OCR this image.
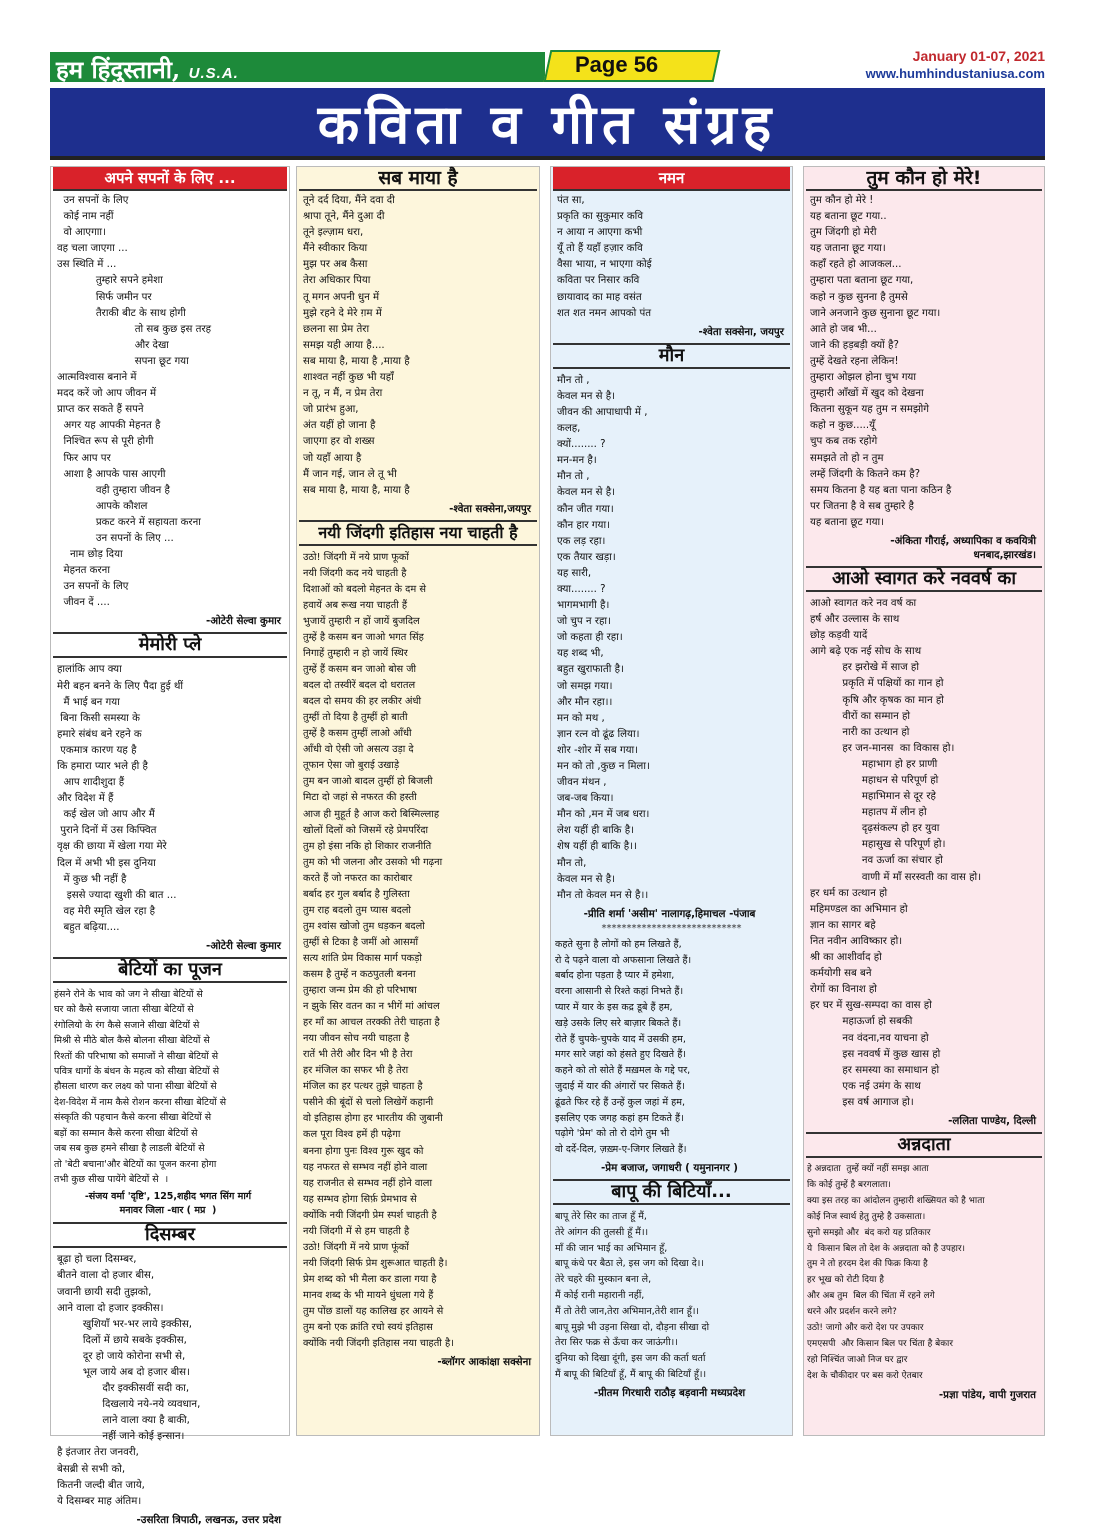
हम हिंदुस्तानी, U.S.A.	Page 56	January 01-07, 2021
www.humhindustaniusa.com
कविता व गीत संग्रह
अपने सपनों के लिए ...
उन सपनों के लिए
कोई नाम नहीं
वो आएगाा।
वह चला जाएगा ...
उस स्थिति में ...
तुम्हारे सपने हमेशा
सिर्फ जमीन पर
तैराकी बीट के साथ होगी
तो सब कुछ इस तरह
और देखा
सपना छूट गया
आत्मविश्वास बनाने में
मदद करें जो आप जीवन में
प्राप्त कर सकते हैं सपने
अगर यह आपकी मेहनत है
निश्चित रूप से पूरी होगी
फिर आप पर
आशा है आपके पास आएगी
वही तुम्हारा जीवन है
आपके कौशल
प्रकट करने में सहायता करना
उन सपनों के लिए ...
नाम छोड़ दिया
मेहनत करना
उन सपनों के लिए
जीवन दें ....
-ओटेरी सेल्वा कुमार
मेमोरी प्ले
हालांकि आप क्या
मेरी बहन बनने के लिए पैदा हुई थीं
मैं भाई बन गया
बिना किसी समस्या के
हमारे संबंध बने रहने क
एकमात्र कारण यह है
कि हमारा प्यार भले ही है
आप शादीशुदा हैं
और विदेश में हैं
कई खेल जो आप और मैं
पुराने दिनों में उस किफ्वित
वृक्ष की छाया में खेला गया मेरे
दिल में अभी भी इस दुनिया
में कुछ भी नहीं है
इससे ज्यादा खुशी की बात ...
वह मेरी स्मृति खेल रहा है
बहुत बढ़िया....
-ओटेरी सेल्वा कुमार
बेटियों का पूजन
हंसने रोने के भाव को जग ने सीखा बेटियों से
घर को कैसे सजाया जाता सीखा बेटियों से
रंगोलियो के रंग कैसे सजाने सीखा बेटियों से
मिश्री से मीठे बोल कैसे बोलना सीखा बेटियों से
रिश्तों की परिभाषा को समाजों ने सीखा बेटियों से
पवित्र धागों के बंधन के महत्व को सीखा बेटियों से
हौसला धारण कर लक्ष्य को पाना सीखा बेटियों से
देश-विदेश में नाम कैसे रोशन करना सीखा बेटियों से
संस्कृति की पहचान कैसे करना सीखा बेटियों से
बड़ों का सम्मान कैसे करना सीखा बेटियों से
जब सब कुछ हमने सीखा है लाडली बेटियों से
तो 'बेटी बचाना'और बेटियों का पूजन करना होगा
तभी कुछ सीख पायेंगे बेटियों से  ।
-संजय वर्मा 'दृष्टि', 125,शहीद भगत सिंग मार्ग
मनावर जिला -धार ( मप्र  )
दिसम्बर
बूढ़ा हो चला दिसम्बर,
बीतने वाला दो हजार बीस,
जवानी छायी सदी तुझको,
आने वाला दो हजार इक्कीस।
खुशियाँ भर-भर लाये इक्कीस,
दिलों में छाये सबके इक्कीस,
दूर हो जाये कोरोना सभी से,
भूल जाये अब दो हजार बीस।
दौर इक्कीसवीं सदी का,
दिखलाये नये-नये व्यवधान,
लाने वाला क्या है बाकी,
नहीं जाने कोई इन्सान।
है इंतजार तेरा जनवरी,
बेसब्री से सभी को,
कितनी जल्दी बीत जाये,
ये दिसम्बर माह अंतिम।
-उसरिता त्रिपाठी, लखनऊ, उत्तर प्रदेश
सब माया है
तूने दर्द दिया, मैंने दवा दी
श्रापा तूने, मैंने दुआ दी
तूने इल्ज़ाम धरा,
मैंने स्वीकार किया
मुझ पर अब कैसा
तेरा अधिकार पिया
तू मगन अपनी धुन में
मुझे रहने दे मेरे ग़म में
छलना सा प्रेम तेरा
समझ यही आया है....
सब माया है, माया है ,माया है
शाश्वत नहीं कुछ भी यहाँ
न तू, न मैं, न प्रेम तेरा
जो प्रारंभ हुआ,
अंत यहीं हो जाना है
जाएगा हर वो शख्स
जो यहाँ आया है
मैं जान गई, जान ले तू भी
सब माया है, माया है, माया है
-श्वेता सक्सेना,जयपुर
नयी जिंदगी इतिहास नया चाहती है
उठो! जिंदगी में नये प्राण फूकों
नयी जिंदगी कद नये चाहती है
दिशाओं को बदलो मेहनत के दम से
हवायें अब रूख नया चाहती हैं
भुजायें तुम्हारी न हों जायें बुजदिल
तुम्हें है कसम बन जाओ भगत सिंह
निगाहें तुम्हारी न हो जायें स्थिर
तुम्हें हैं कसम बन जाओ बोस जी
बदल दो तस्वीरें बदल दो धरातल
बदल दो समय की हर लकीर अंधी
तुम्हीं तो दिया है तुम्हीं हो बाती
तुम्हें है कसम तुम्हीं लाओ आँधी
आँधी वो ऐसी जो असत्य उड़ा दे
तूफान ऐसा जो बुराई उखाड़े
तुम बन जाओ बादल तुम्हीं हो बिजली
मिटा दो जहां से नफरत की हस्ती
आज ही मुहूर्त है आज करो बिस्मिल्लाह
खोलों दिलों को जिसमें रहे प्रेमपरिंदा
तुम हो इंसा नकि हो शिकार राजनीति
तुम को भी जलना और उसको भी गढ़ना
करते हैं जो नफरत का कारोबार
बर्बाद हर गुल बर्बाद है गुलिस्ता
तुम राह बदलो तुम प्यास बदलो
तुम श्वांस खोजो तुम धड़कन बदलो
तुम्हीं से टिका है जमीं ओ आसमाँ
सत्य शांति प्रेम विकास मार्ग पकड़ो
कसम है तुम्हें न कठपुतली बनना
तुम्हारा जन्म प्रेम की हो परिभाषा
न झुके सिर वतन का न भीगें मां आंचल
हर माँ का आचल तरक्की तेरी चाहता है
नया जीवन सोच नयी चाहता है
रातें भी तेरी और दिन भी है तेरा
हर मंजिल का सफर भी है तेरा
मंजिल का हर पत्थर तुझे चाहता है
पसीने की बूंदों से चलो लिखेगें कहानी
वो इतिहास होगा हर भारतीय की जुबानी
कल पूरा विश्व हमें ही पढ़ेगा
बनना होगा पुनः विश्व गुरू खुद को
यह नफरत से सम्भव नहीं होने वाला
यह राजनीत से सम्भव नहीं होने वाला
यह सम्भव होगा सिर्फ़ प्रेमभाव से
क्योंकि नयी जिंदगी प्रेम स्पर्श चाहती है
नयी जिंदगी में से हम चाहती है
उठो! जिंदगी में नये प्राण फूंकों
नयी जिंदगी सिर्फ प्रेम शुरूआत चाहती है।
प्रेम शब्द को भी मैला कर डाला गया है
मानव शब्द के भी मायने धुंधला गये हैं
तुम पोंछ डालों यह कालिख हर आयने से
तुम बनो एक क्रांति रचो स्वयं इतिहास
क्योंकि नयी जिंदगी इतिहास नया चाहती है।
-ब्लॉगर आकांक्षा सक्सेना
नमन
पंत सा,
प्रकृति का सुकुमार कवि
न आया न आएगा कभी
यूँ तो हैं यहाँ हज़ार कवि
वैसा भाया, न भाएगा कोई
कविता पर निसार कवि
छायावाद का माह वसंत
शत शत नमन आपको पंत
-श्वेता सक्सेना, जयपुर
मौन
मौन तो ,
केवल मन से है।
जीवन की आपाधापी में ,
कलह,
क्यों........ ?
मन-मन है।
मौन तो ,
केवल मन से है।
कौन जीत गया।
कौन हार गया।
एक लड़ रहा।
एक तैयार खड़ा।
यह सारी,
क्या........ ?
भागमभागी है।
जो चुप न रहा।
जो कहता ही रहा।
यह शब्द भी,
बहुत खुराफाती है।
जो समझ गया।
और मौन रहा।।
मन को मथ ,
ज्ञान रत्न वो ढूंढ लिया।
शोर -शोर में सब गया।
मन को तो ,कुछ न मिला।
जीवन मंथन ,
जब-जब किया।
मौन को ,मन में जब धरा।
लेश यहीं ही बाकि है।
शेष यहीं ही बाकि है।।
मौन तो,
केवल मन से है।
मौन तो केवल मन से है।।
-प्रीति शर्मा 'असीम' नालागढ़,हिमाचल -पंजाब
****************************
कहते सुना है लोगों को हम लिखते हैं,
रो दे पढ़ने वाला वो अफसाना लिखते हैं।
बर्बाद होना पड़ता है प्यार में हमेशा,
वरना आसानी से रिश्ते कहां निभते हैं।
प्यार में यार के इस कद्र डूबे हैं हम,
खड़े उसके लिए सरे बाज़ार बिकते हैं।
रोते हैं चुपके-चुपके याद में उसकी हम,
मगर सारे जहां को हंसते हुए दिखते हैं।
कहने को तो सोते हैं मख़मल के गद्दे पर,
जुदाई में यार की अंगारों पर सिकते हैं।
ढूंढते फिर रहे हैं उन्हें कुल जहां में हम,
इसलिए एक जगह कहां हम टिकते हैं।
पढ़ोगे 'प्रेम' को तो रो दोगे तुम भी
वो दर्दे-दिल, ज़ख़्म-ए-जिगर लिखते हैं।
-प्रेम बजाज, जगाधरी ( यमुनानगर )
बापू की बिटियाँ...
बापू तेरे सिर का ताज हूँ मैं,
तेरे आंगन की तुलसी हूँ मैं।।
माँ की जान भाई का अभिमान हूँ,
बापू कंधे पर बैठा ले, इस जग को दिखा दे।।
तेरे चहरे की मुस्कान बना ले,
मैं कोई रानी महारानी नहीं,
मैं तो तेरी जान,तेरा अभिमान,तेरी शान हूँ।।
बापू मुझे भी उड़ना सिखा दो, दौड़ना सीखा दो
तेरा सिर फक्र से ऊँचा कर जाऊंगी।।
दुनिया को दिखा दूंगी, इस जग की कर्ता धर्ता
मैं बापू की बिटियाँ हूँ, मैं बापू की बिटियाँ हूँ।।
-प्रीतम गिरधारी राठौड़ बड़वानी मध्यप्रदेश
तुम कौन हो मेरे!
तुम कौन हो मेरे !
यह बताना छूट गया..
तुम जिंदगी हो मेरी
यह जताना छूट गया।
कहाँ रहते हो आजकल...
तुम्हारा पता बताना छूट गया,
कहो न कुछ सुनना है तुमसे
जाने अनजाने कुछ सुनाना छूट गया।
आते हो जब भी...
जाने की हड़बड़ी क्यों है?
तुम्हें देखते रहना लेकिन!
तुम्हारा ओझल होना चुभ गया
तुम्हारी आँखों में खुद को देखना
कितना सुकून यह तुम न समझोगे
कहो न कुछ.....यूँ
चुप कब तक रहोगे
समझते तो हो न तुम
लम्हें जिंदगी के कितने कम है?
समय कितना है यह बता पाना कठिन है
पर जितना है वे सब तुम्हारे है
यह बताना छूट गया।
-अंकिता गौराई, अध्यापिका व कवयित्री
धनबाद,झारखंड।
आओ स्वागत करे नववर्ष का
आओ स्वागत करे नव वर्ष का
हर्ष और उल्लास के साथ
छोड़ कड़वी यादें
आगे बढ़े एक नई सोच के साथ
हर झरोखे में साज हो
प्रकृति में पक्षियों का गान हो
कृषि और कृषक का मान हो
वीरों का सम्मान हो
नारी का उत्थान हो
हर जन-मानस  का विकास हो।
महाभाग हो हर प्राणी
महाधन से परिपूर्ण हो
महाभिमान से दूर रहे
महातप में लीन हो
दृढ़संकल्प हो हर युवा
महासुख से परिपूर्ण हो।
नव ऊर्जा का संचार हो
वाणी में माँ सरस्वती का वास हो।
हर धर्म का उत्थान हो
महिमण्डल का अभिमान हो
ज्ञान का सागर बहे
नित नवीन आविष्कार हो।
श्री का आशीर्वाद हो
कर्मयोगी सब बने
रोगों का विनाश हो
हर घर में सुख-सम्पदा का वास हो
महाऊर्जा हो सबकी
नव वंदना,नव याचना हो
इस नववर्ष में कुछ खास हो
हर समस्या का समाधान हो
एक नई उमंग के साथ
इस वर्ष आगाज हो।
-ललिता पाण्डेय, दिल्ली
अन्नदाता
हे अन्नदाता  तुम्हें क्यों नहीं समझ आता
कि कोई तुम्हें है बरगलाता।
क्या इस तरह का आंदोलन तुम्हारी शख्सियत को है भाता
कोई निज स्वार्थ हेतु तुम्हे है उकसाता।
सुनो समझो और  बंद करो यह प्रतिकार
ये  किसान बिल तो देश के अन्नदाता को है उपहार।
तुम ने तो हरदम देश की फिक्र किया है
हर भूख को रोटी दिया है
और अब तुम  बिल की चिंता में रहने लगे
धरने और प्रदर्शन करने लगे?
उठो! जागो और करो देश पर उपकार
एमएसपी  और किसान बिल पर चिंता है बेकार
रहो निश्चिंत जाओ निज घर द्वार
देश के चौकीदार पर बस करो ऐतबार
-प्रज्ञा पांडेय, वापी गुजरात
